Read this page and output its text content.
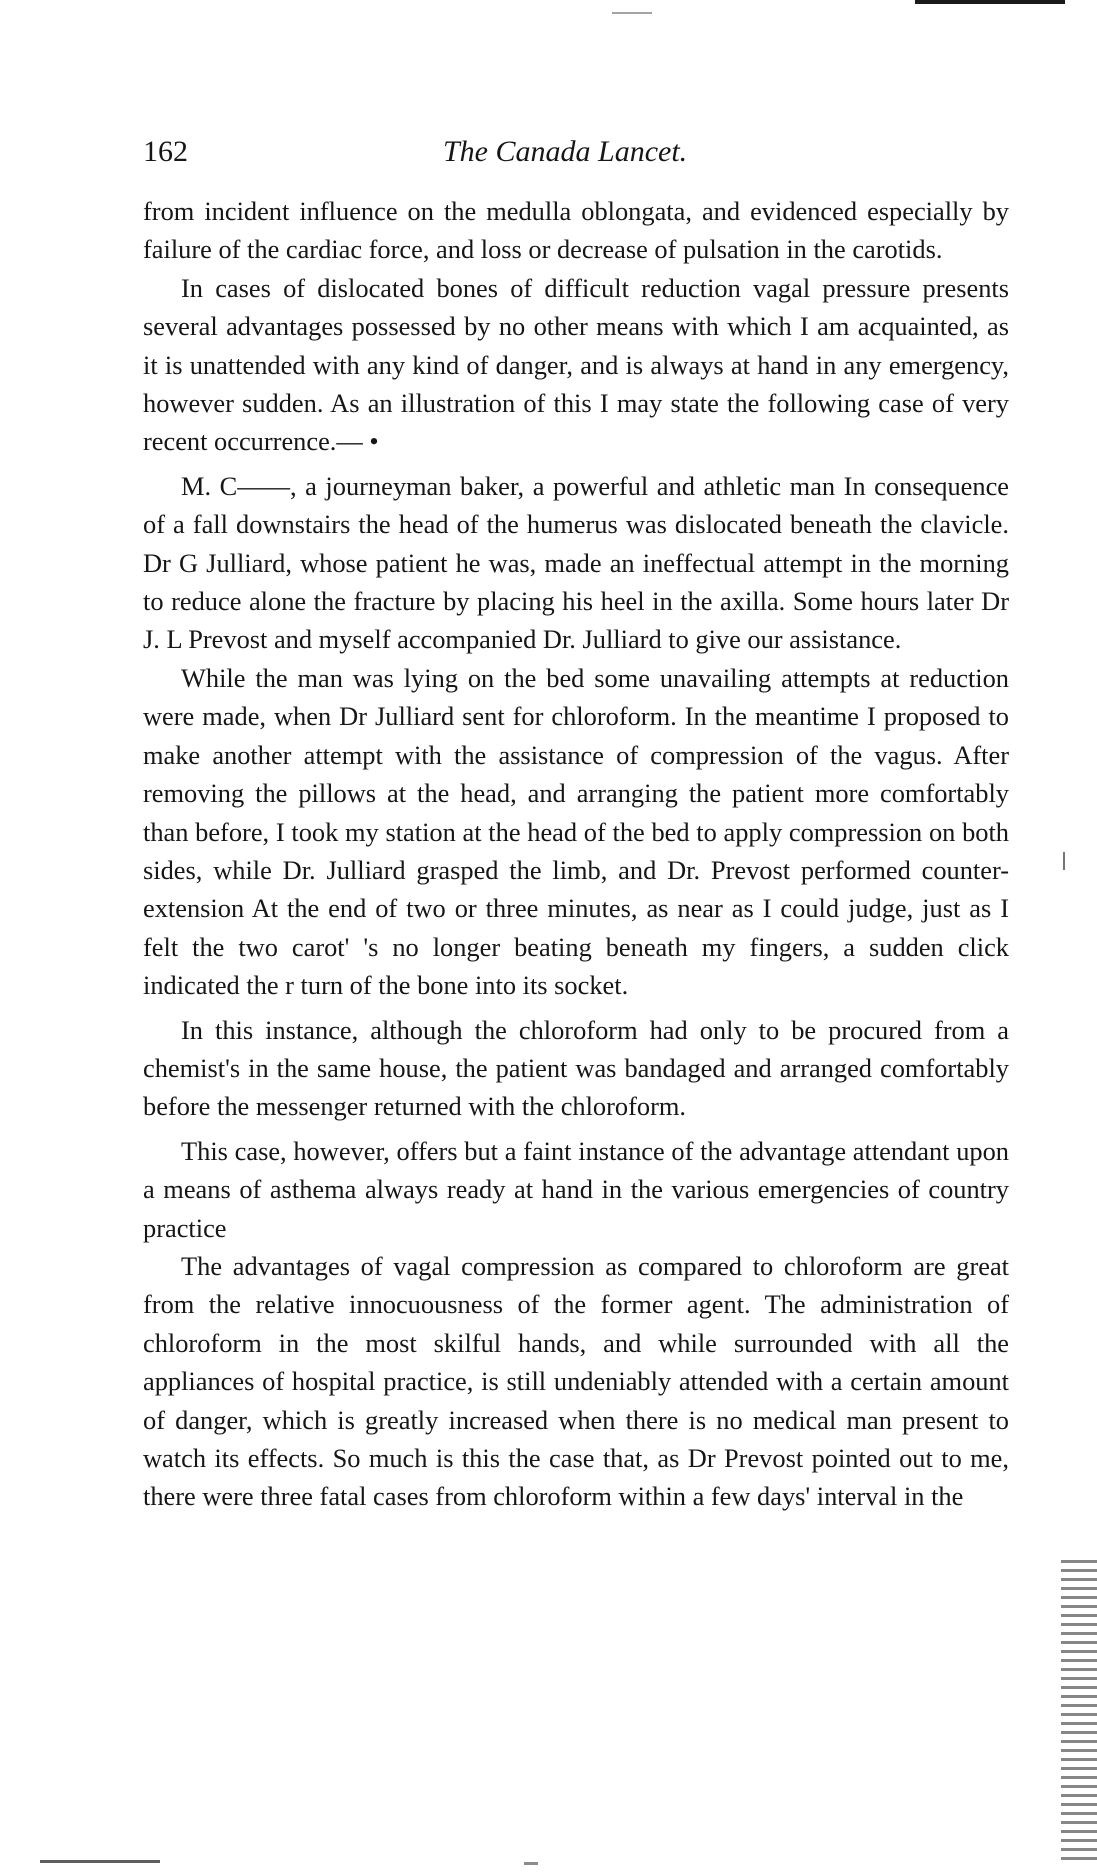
162	The Canada Lancet.

from incident influence on the medulla oblongata, and evidenced especially by failure of the cardiac force, and loss or decrease of pulsation in the carotids.

In cases of dislocated bones of difficult reduction vagal pressure presents several advantages possessed by no other means with which I am acquainted, as it is unattended with any kind of danger, and is always at hand in any emergency, however sudden. As an illustration of this I may state the following case of very recent occurrence.— •

M. C——, a journeyman baker, a powerful and athletic man In consequence of a fall downstairs the head of the humerus was dislocated beneath the clavicle. Dr G Julliard, whose patient he was, made an ineffectual attempt in the morning to reduce alone the fracture by placing his heel in the axilla. Some hours later Dr J. L Prevost and myself accompanied Dr. Julliard to give our assistance.

While the man was lying on the bed some unavailing attempts at reduction were made, when Dr Julliard sent for chloroform. In the meantime I proposed to make another attempt with the assistance of compression of the vagus. After removing the pillows at the head, and arranging the patient more comfortably than before, I took my station at the head of the bed to apply compression on both sides, while Dr. Julliard grasped the limb, and Dr. Prevost performed counter-extension At the end of two or three minutes, as near as I could judge, just as I felt the two carot' 's no longer beating beneath my fingers, a sudden click indicated the r turn of the bone into its socket.

In this instance, although the chloroform had only to be procured from a chemist's in the same house, the patient was bandaged and arranged comfortably before the messenger returned with the chloroform.

This case, however, offers but a faint instance of the advantage attendant upon a means of asthema always ready at hand in the various emergencies of country practice

The advantages of vagal compression as compared to chloroform are great from the relative innocuousness of the former agent. The administration of chloroform in the most skilful hands, and while surrounded with all the appliances of hospital practice, is still undeniably attended with a certain amount of danger, which is greatly increased when there is no medical man present to watch its effects. So much is this the case that, as Dr Prevost pointed out to me, there were three fatal cases from chloroform within a few days' interval in the
